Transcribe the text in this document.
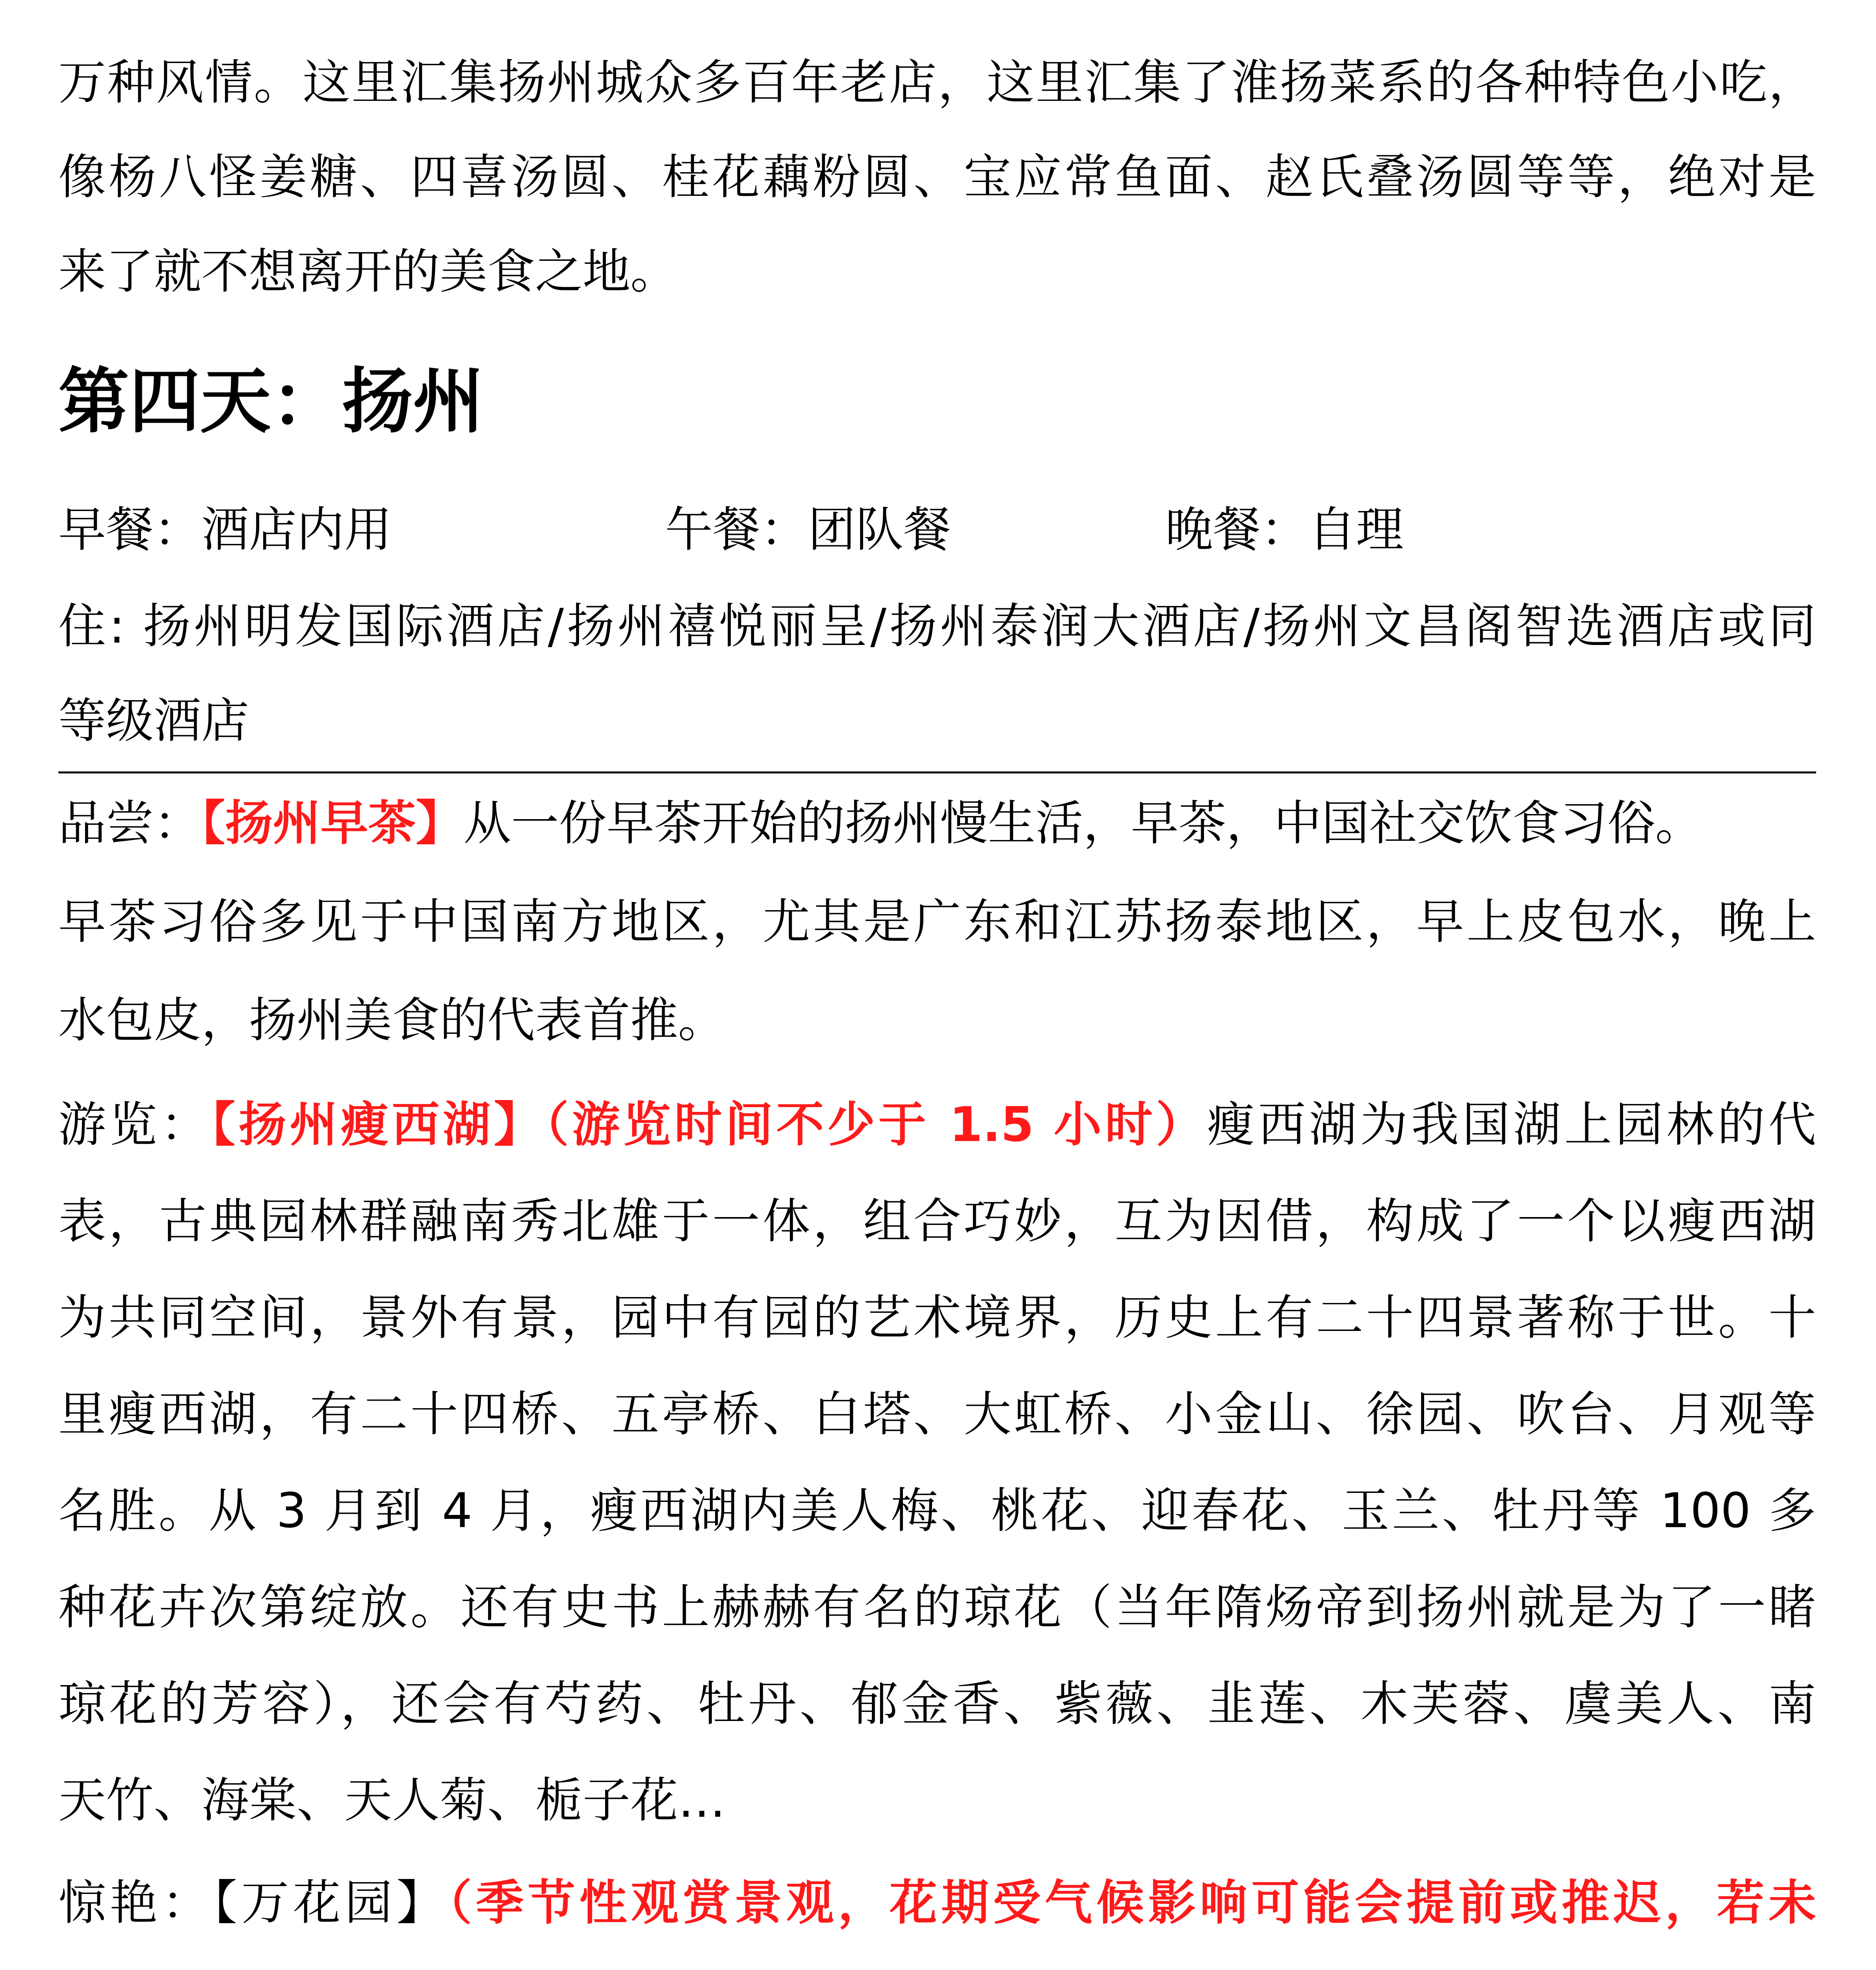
万种风情。这里汇集扬州城众多百年老店，这里汇集了淮扬菜系的各种特色小吃，
像杨八怪姜糖、四喜汤圆、桂花藕粉圆、宝应常鱼面、赵氏叠汤圆等等，绝对是
来了就不想离开的美食之地。
第四天：扬州
早餐：酒店内用	午餐：团队餐	晚餐：自理
住: 扬州明发国际酒店/扬州禧悦丽呈/扬州泰润大酒店/扬州文昌阁智选酒店或同
等级酒店
品尝：【扬州早茶】从一份早茶开始的扬州慢生活，早茶，中国社交饮食习俗。
早茶习俗多见于中国南方地区，尤其是广东和江苏扬泰地区，早上皮包水，晚上
水包皮，扬州美食的代表首推。
游览：【扬州瘦西湖】（游览时间不少于 1.5 小时）瘦西湖为我国湖上园林的代
表，古典园林群融南秀北雄于一体，组合巧妙，互为因借，构成了一个以瘦西湖
为共同空间，景外有景，园中有园的艺术境界，历史上有二十四景著称于世。十
里瘦西湖，有二十四桥、五亭桥、白塔、大虹桥、小金山、徐园、吹台、月观等
名胜。从 3 月到 4 月，瘦西湖内美人梅、桃花、迎春花、玉兰、牡丹等 100 多
种花卉次第绽放。还有史书上赫赫有名的琼花（当年隋炀帝到扬州就是为了一睹
琼花的芳容），还会有芍药、牡丹、郁金香、紫薇、韭莲、木芙蓉、虞美人、南
天竹、海棠、天人菊、栀子花…
惊艳：【万花园】（季节性观赏景观，花期受气候影响可能会提前或推迟，若未
